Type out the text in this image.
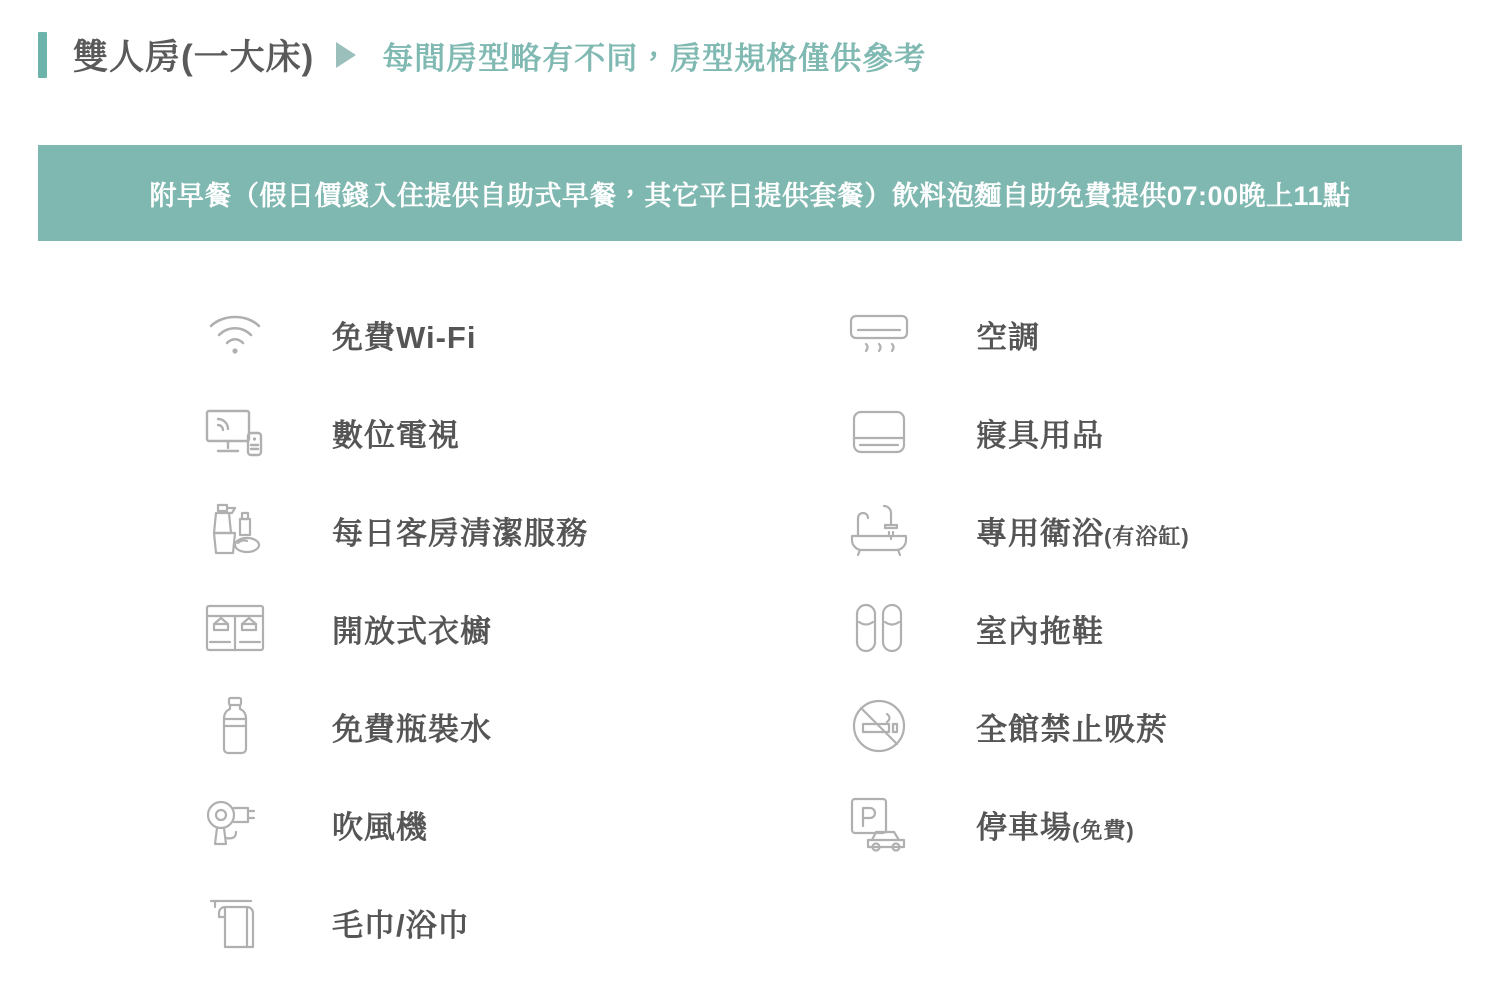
雙人房(一大床) 每間房型略有不同，房型規格僅供參考
附早餐（假日價錢入住提供自助式早餐，其它平日提供套餐）飲料泡麵自助免費提供07:00晚上11點
免費Wi-Fi
數位電視
每日客房清潔服務
開放式衣櫥
免費瓶裝水
吹風機
毛巾/浴巾
空調
寢具用品
專用衛浴(有浴缸)
室內拖鞋
全館禁止吸菸
停車場(免費)
